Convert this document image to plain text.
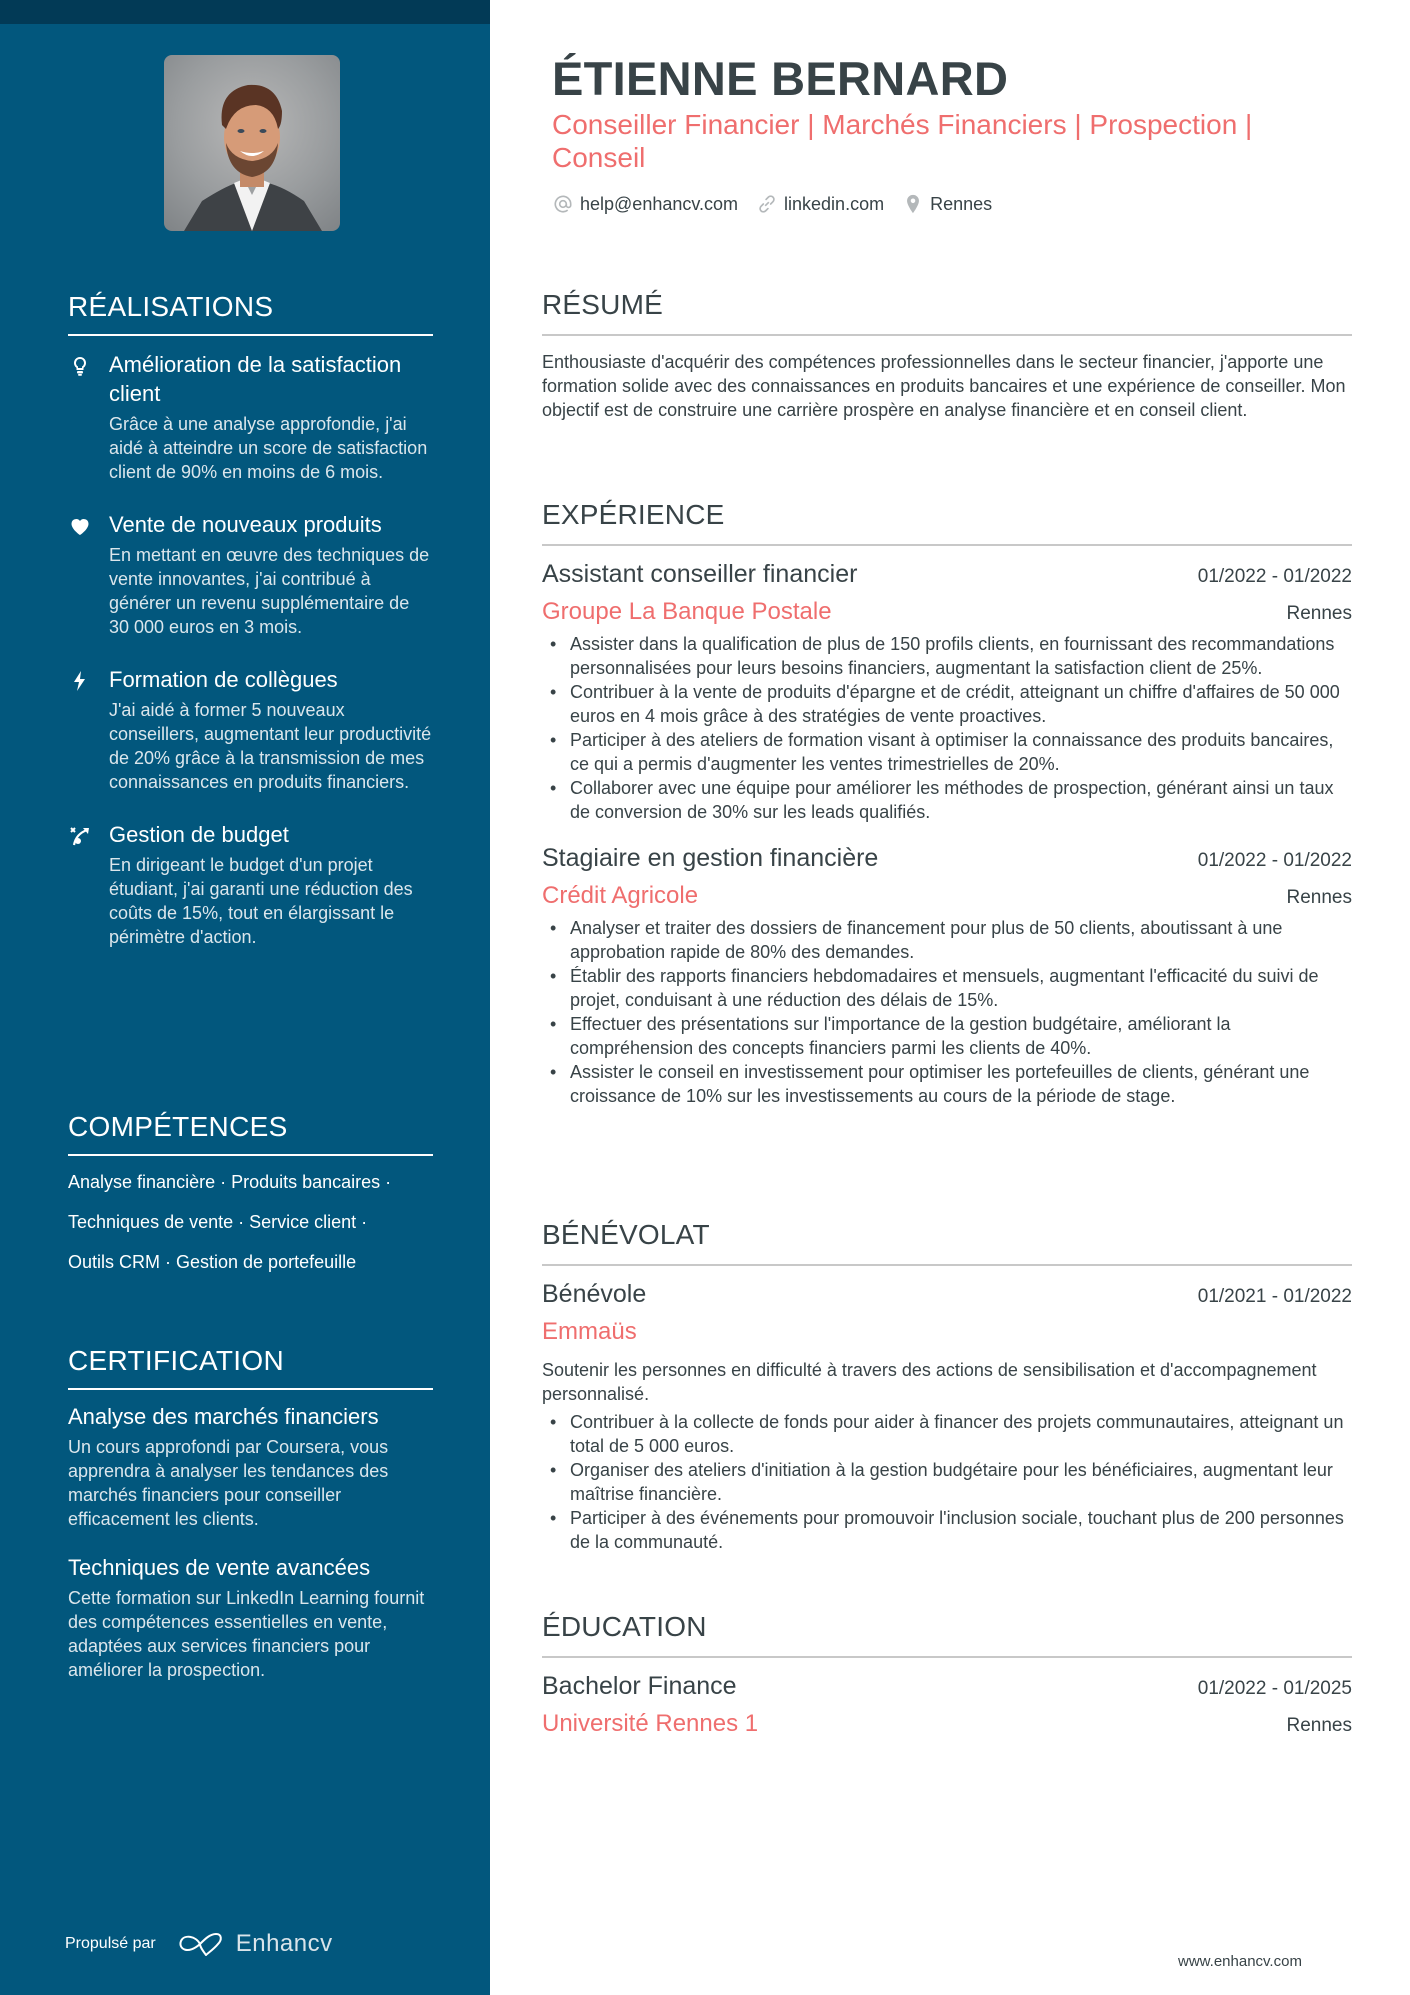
RÉALISATIONS
Amélioration de la satisfaction client
Grâce à une analyse approfondie, j'ai aidé à atteindre un score de satisfaction client de 90% en moins de 6 mois.
Vente de nouveaux produits
En mettant en œuvre des techniques de vente innovantes, j'ai contribué à générer un revenu supplémentaire de 30 000 euros en 3 mois.
Formation de collègues
J'ai aidé à former 5 nouveaux conseillers, augmentant leur productivité de 20% grâce à la transmission de mes connaissances en produits financiers.
Gestion de budget
En dirigeant le budget d'un projet étudiant, j'ai garanti une réduction des coûts de 15%, tout en élargissant le périmètre d'action.
COMPÉTENCES
Analyse financière · Produits bancaires ·
Techniques de vente · Service client ·
Outils CRM · Gestion de portefeuille
CERTIFICATION
Analyse des marchés financiers
Un cours approfondi par Coursera, vous apprendra à analyser les tendances des marchés financiers pour conseiller efficacement les clients.
Techniques de vente avancées
Cette formation sur LinkedIn Learning fournit des compétences essentielles en vente, adaptées aux services financiers pour améliorer la prospection.
Propulsé par	Enhancv
ÉTIENNE BERNARD
Conseiller Financier | Marchés Financiers | Prospection | Conseil
help@enhancv.com	linkedin.com	Rennes
RÉSUMÉ

Enthousiaste d'acquérir des compétences professionnelles dans le secteur financier, j'apporte une formation solide avec des connaissances en produits bancaires et une expérience de conseiller. Mon objectif est de construire une carrière prospère en analyse financière et en conseil client.

EXPÉRIENCE
Assistant conseiller financier	01/2022 - 01/2022
Groupe La Banque Postale	Rennes
• Assister dans la qualification de plus de 150 profils clients, en fournissant des recommandations personnalisées pour leurs besoins financiers, augmentant la satisfaction client de 25%.
• Contribuer à la vente de produits d'épargne et de crédit, atteignant un chiffre d'affaires de 50 000 euros en 4 mois grâce à des stratégies de vente proactives.
• Participer à des ateliers de formation visant à optimiser la connaissance des produits bancaires, ce qui a permis d'augmenter les ventes trimestrielles de 20%.
• Collaborer avec une équipe pour améliorer les méthodes de prospection, générant ainsi un taux de conversion de 30% sur les leads qualifiés.
Stagiaire en gestion financière	01/2022 - 01/2022
Crédit Agricole	Rennes
• Analyser et traiter des dossiers de financement pour plus de 50 clients, aboutissant à une approbation rapide de 80% des demandes.
• Établir des rapports financiers hebdomadaires et mensuels, augmentant l'efficacité du suivi de projet, conduisant à une réduction des délais de 15%.
• Effectuer des présentations sur l'importance de la gestion budgétaire, améliorant la compréhension des concepts financiers parmi les clients de 40%.
• Assister le conseil en investissement pour optimiser les portefeuilles de clients, générant une croissance de 10% sur les investissements au cours de la période de stage.
BÉNÉVOLAT
Bénévole	01/2021 - 01/2022
Emmaüs

Soutenir les personnes en difficulté à travers des actions de sensibilisation et d'accompagnement personnalisé.

• Contribuer à la collecte de fonds pour aider à financer des projets communautaires, atteignant un total de 5 000 euros.
• Organiser des ateliers d'initiation à la gestion budgétaire pour les bénéficiaires, augmentant leur maîtrise financière.
• Participer à des événements pour promouvoir l'inclusion sociale, touchant plus de 200 personnes de la communauté.
ÉDUCATION
Bachelor Finance	01/2022 - 01/2025
Université Rennes 1	Rennes
www.enhancv.com
